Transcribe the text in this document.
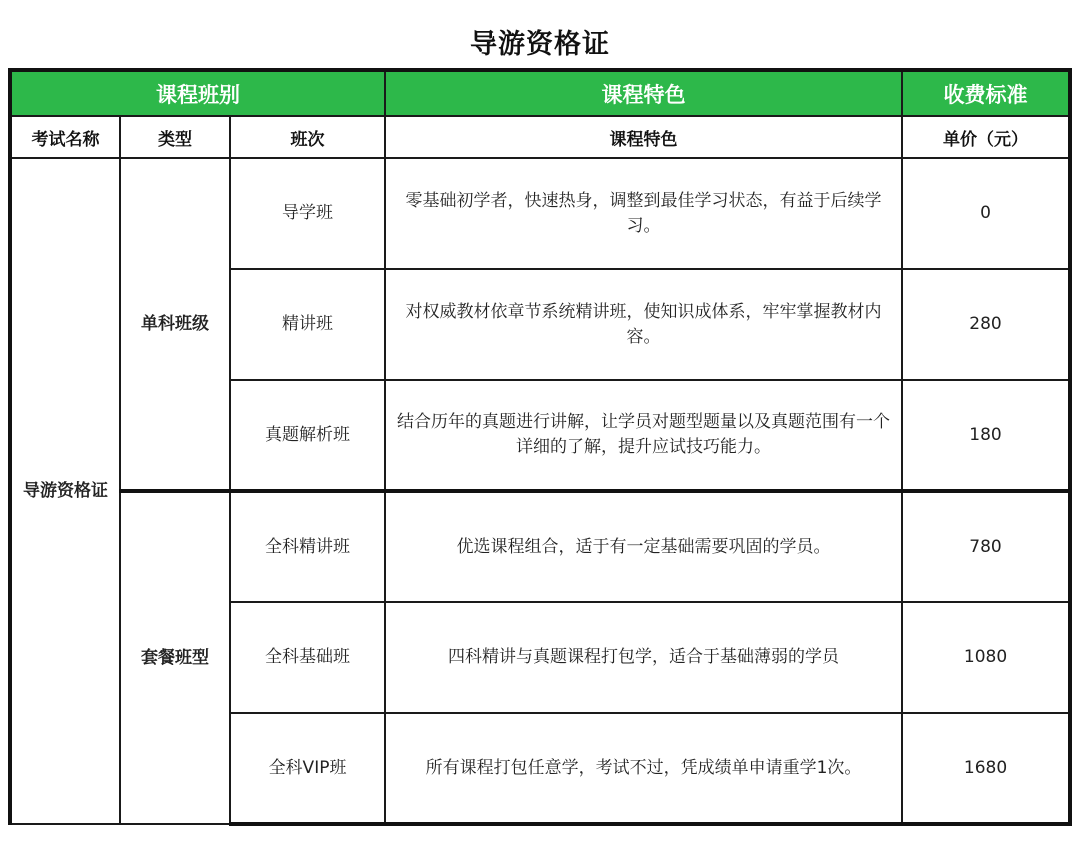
导游资格证
课程班别			课程特色	收费标准
考试名称	类型	班次	课程特色	单价（元）
导游资格证	单科班级	导学班	零基础初学者，快速热身，调整到最佳学习状态，有益于后续学习。	0
		精讲班	对权威教材依章节系统精讲班，使知识成体系，牢牢掌握教材内容。	280
		真题解析班	结合历年的真题进行讲解，让学员对题型题量以及真题范围有一个详细的了解，提升应试技巧能力。	180
	套餐班型	全科精讲班	优选课程组合，适于有一定基础需要巩固的学员。	780
		全科基础班	四科精讲与真题课程打包学，适合于基础薄弱的学员	1080
		全科VIP班	所有课程打包任意学，考试不过，凭成绩单申请重学1次。	1680
